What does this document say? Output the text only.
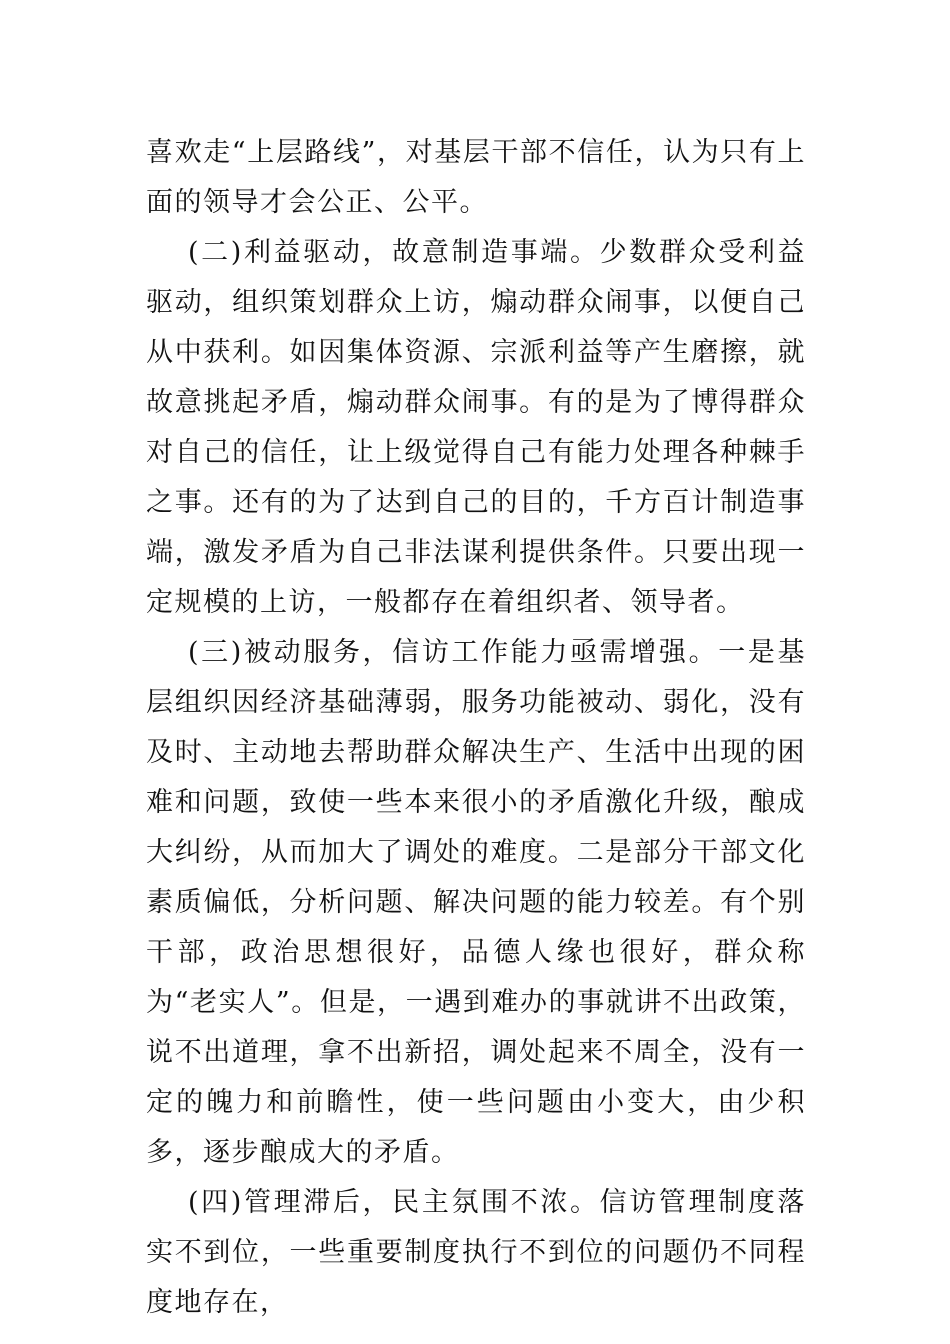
喜欢走“上层路线”，对基层干部不信任，认为只有上面的领导才会公正、公平。

(二)利益驱动，故意制造事端。少数群众受利益驱动，组织策划群众上访，煽动群众闹事，以便自己从中获利。如因集体资源、宗派利益等产生磨擦，就故意挑起矛盾，煽动群众闹事。有的是为了博得群众对自己的信任，让上级觉得自己有能力处理各种棘手之事。还有的为了达到自己的目的，千方百计制造事端，激发矛盾为自己非法谋利提供条件。只要出现一定规模的上访，一般都存在着组织者、领导者。

(三)被动服务，信访工作能力亟需增强。一是基层组织因经济基础薄弱，服务功能被动、弱化，没有及时、主动地去帮助群众解决生产、生活中出现的困难和问题，致使一些本来很小的矛盾激化升级，酿成大纠纷，从而加大了调处的难度。二是部分干部文化素质偏低，分析问题、解决问题的能力较差。有个别干部，政治思想很好，品德人缘也很好，群众称为“老实人”。但是，一遇到难办的事就讲不出政策，说不出道理，拿不出新招，调处起来不周全，没有一定的魄力和前瞻性，使一些问题由小变大，由少积多，逐步酿成大的矛盾。

(四)管理滞后，民主氛围不浓。信访管理制度落实不到位，一些重要制度执行不到位的问题仍不同程度地存在，
